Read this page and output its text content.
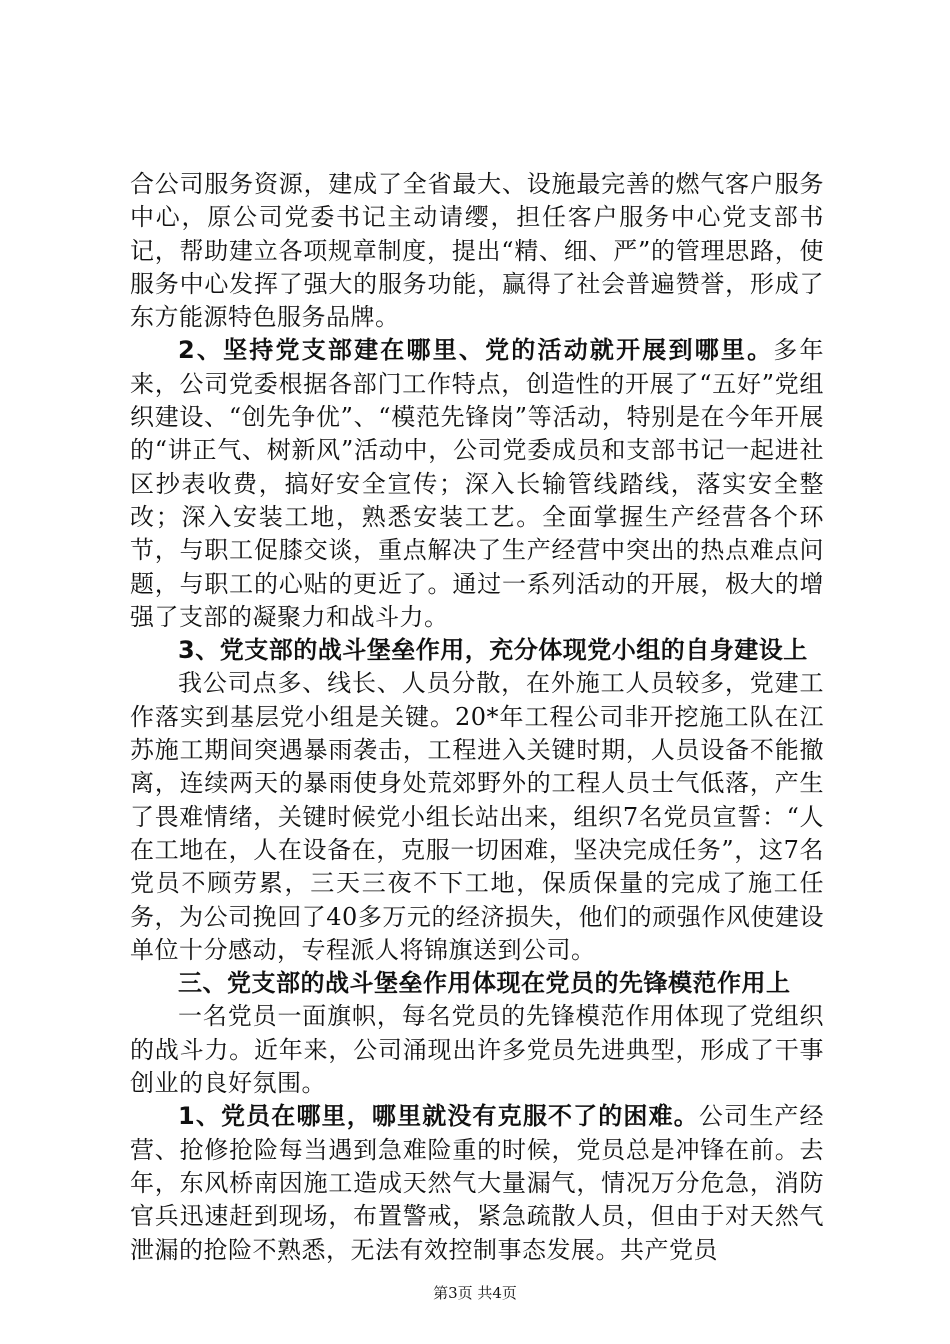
合公司服务资源，建成了全省最大、设施最完善的燃气客户服务中心，原公司党委书记主动请缨，担任客户服务中心党支部书记，帮助建立各项规章制度，提出“精、细、严”的管理思路，使服务中心发挥了强大的服务功能，赢得了社会普遍赞誉，形成了东方能源特色服务品牌。

2、坚持党支部建在哪里、党的活动就开展到哪里。多年来，公司党委根据各部门工作特点，创造性的开展了“五好”党组织建设、“创先争优”、“模范先锋岗”等活动，特别是在今年开展的“讲正气、树新风”活动中，公司党委成员和支部书记一起进社区抄表收费，搞好安全宣传；深入长输管线踏线，落实安全整改；深入安装工地，熟悉安装工艺。全面掌握生产经营各个环节，与职工促膝交谈，重点解决了生产经营中突出的热点难点问题，与职工的心贴的更近了。通过一系列活动的开展，极大的增强了支部的凝聚力和战斗力。

3、党支部的战斗堡垒作用，充分体现党小组的自身建设上

我公司点多、线长、人员分散，在外施工人员较多，党建工作落实到基层党小组是关键。20*年工程公司非开挖施工队在江苏施工期间突遇暴雨袭击，工程进入关键时期，人员设备不能撤离，连续两天的暴雨使身处荒郊野外的工程人员士气低落，产生了畏难情绪，关键时候党小组长站出来，组织7名党员宣誓：“人在工地在，人在设备在，克服一切困难，坚决完成任务”，这7名党员不顾劳累，三天三夜不下工地，保质保量的完成了施工任务，为公司挽回了40多万元的经济损失，他们的顽强作风使建设单位十分感动，专程派人将锦旗送到公司。

三、党支部的战斗堡垒作用体现在党员的先锋模范作用上

一名党员一面旗帜，每名党员的先锋模范作用体现了党组织的战斗力。近年来，公司涌现出许多党员先进典型，形成了干事创业的良好氛围。

1、党员在哪里，哪里就没有克服不了的困难。公司生产经营、抢修抢险每当遇到急难险重的时候，党员总是冲锋在前。去年，东风桥南因施工造成天然气大量漏气，情况万分危急，消防官兵迅速赶到现场，布置警戒，紧急疏散人员，但由于对天然气泄漏的抢险不熟悉，无法有效控制事态发展。共产党员

第3页 共4页
